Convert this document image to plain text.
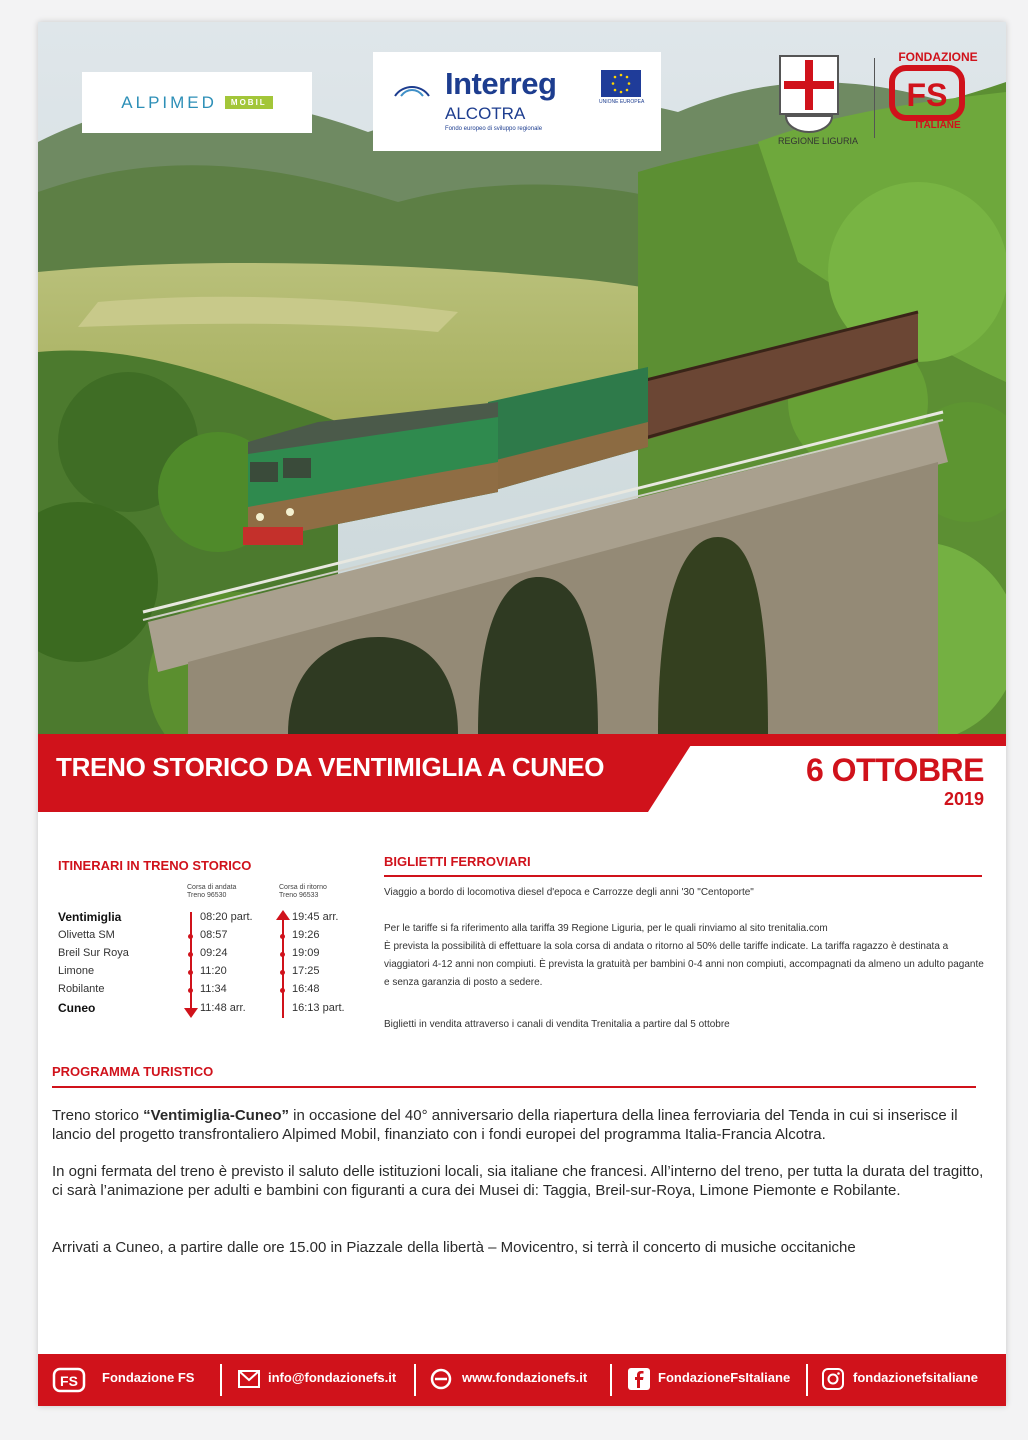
ALPIMED	MOBIL
Interreg
ALCOTRA
Fondo europeo di sviluppo regionale
UNIONE EUROPEA
REGIONE LIGURIA
FONDAZIONE
FS
ITALIANE
TRENO STORICO DA VENTIMIGLIA A CUNEO	6 OTTOBRE
2019
ITINERARI IN TRENO STORICO
Corsa di andata
Treno 96530
Corsa di ritorno
Treno 96533
Ventimiglia	08:20 part.	19:45 arr.
Olivetta SM	08:57	19:26
Breil Sur Roya	09:24	19:09
Limone	11:20	17:25
Robilante	11:34	16:48
Cuneo	11:48 arr.	16:13 part.
BIGLIETTI FERROVIARI

Viaggio a bordo di locomotiva diesel d'epoca e Carrozze degli anni '30 "Centoporte"

Per le tariffe si fa riferimento alla tariffa 39 Regione Liguria, per le quali rinviamo al sito trenitalia.com

È prevista la possibilità di effettuare la sola corsa di andata o ritorno al 50% delle tariffe indicate. La tariffa ragazzo è destinata a viaggiatori 4-12 anni non compiuti. È prevista la gratuità per bambini 0-4 anni non compiuti, accompagnati da almeno un adulto pagante e senza garanzia di posto a sedere.

Biglietti in vendita attraverso i canali di vendita Trenitalia a partire dal 5 ottobre

PROGRAMMA TURISTICO

Treno storico “Ventimiglia-Cuneo” in occasione del 40° anniversario della riapertura della linea ferroviaria del Tenda in cui si inserisce il lancio del progetto transfrontaliero Alpimed Mobil, finanziato con i fondi europei del programma Italia-Francia Alcotra.

In ogni fermata del treno è previsto il saluto delle istituzioni locali, sia italiane che francesi. All’interno del treno, per tutta la durata del tragitto, ci sarà l’animazione per adulti e bambini con figuranti a cura dei Musei di: Taggia, Breil-sur-Roya, Limone Piemonte e Robilante.

Arrivati a Cuneo, a partire dalle ore 15.00 in Piazzale della libertà – Movicentro, si terrà il concerto di musiche occitaniche

FS Fondazione FS	info@fondazionefs.it	www.fondazionefs.it	FondazioneFsItaliane	fondazionefsitaliane
